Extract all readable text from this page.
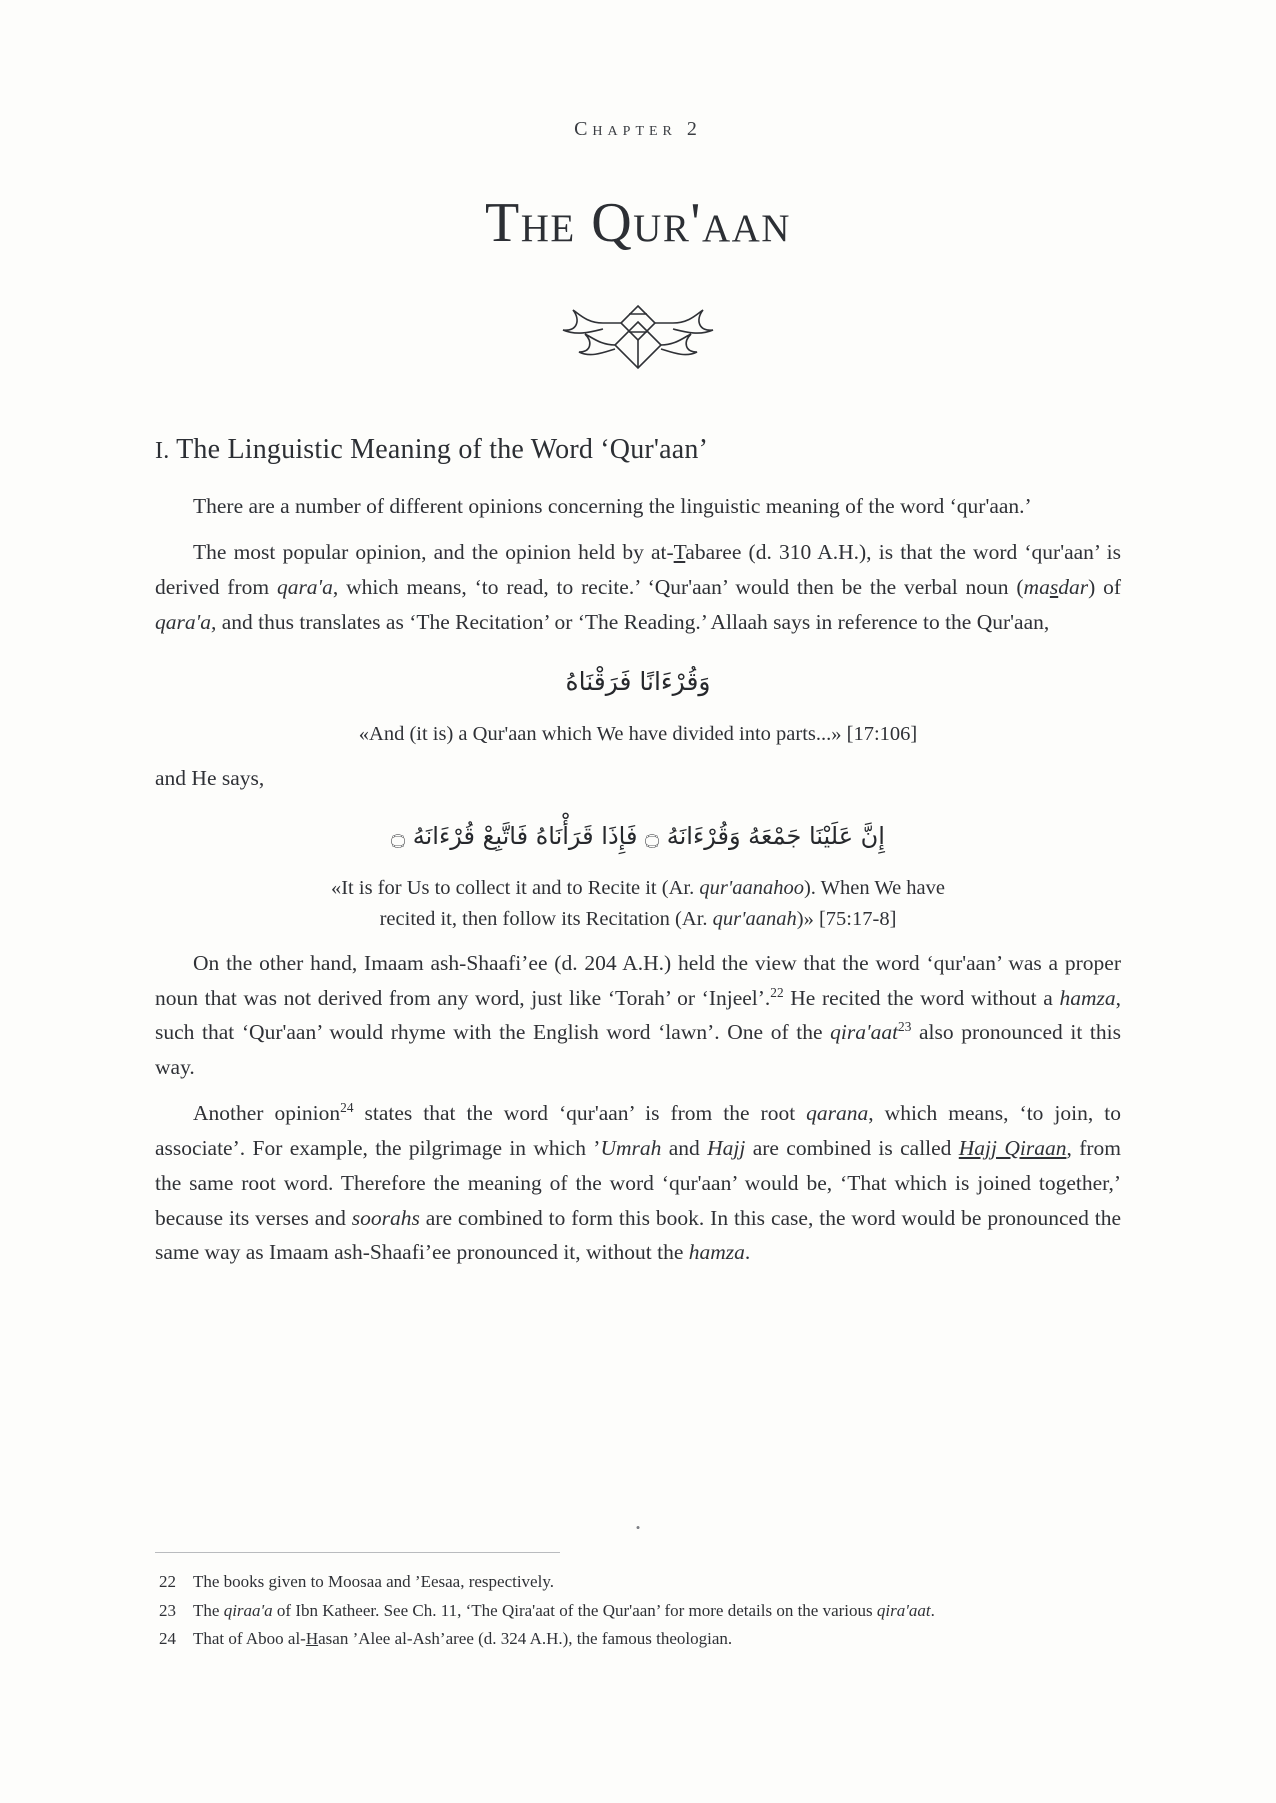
Chapter 2
The Qur'aan
I. The Linguistic Meaning of the Word ‘Qur'aan’

There are a number of different opinions concerning the linguistic meaning of the word ‘qur'aan.’

The most popular opinion, and the opinion held by at-Tabaree (d. 310 A.H.), is that the word ‘qur'aan’ is derived from qara'a, which means, ‘to read, to recite.’ ‘Qur'aan’ would then be the verbal noun (masdar) of qara'a, and thus translates as ‘The Recitation’ or ‘The Reading.’ Allaah says in reference to the Qur'aan,

وَقُرْءَانًا فَرَقْنَاهُ
«And (it is) a Qur'aan which We have divided into parts...» [17:106]

and He says,

إِنَّ عَلَيْنَا جَمْعَهُ وَقُرْءَانَهُ ۝ فَإِذَا قَرَأْنَاهُ فَاتَّبِعْ قُرْءَانَهُ ۝
«It is for Us to collect it and to Recite it (Ar. qur'aanahoo). When We have
recited it, then follow its Recitation (Ar. qur'aanah)» [75:17-8]

On the other hand, Imaam ash-Shaafi’ee (d. 204 A.H.) held the view that the word ‘qur'aan’ was a proper noun that was not derived from any word, just like ‘Torah’ or ‘Injeel’.$^{22}$ He recited the word without a hamza, such that ‘Qur'aan’ would rhyme with the English word ‘lawn’. One of the qira'aat$^{23}$ also pronounced it this way.

Another opinion$^{24}$ states that the word ‘qur'aan’ is from the root qarana, which means, ‘to join, to associate’. For example, the pilgrimage in which ’Umrah and Hajj are combined is called Hajj Qiraan, from the same root word. Therefore the meaning of the word ‘qur'aan’ would be, ‘That which is joined together,’ because its verses and soorahs are combined to form this book. In this case, the word would be pronounced the same way as Imaam ash-Shaafi’ee pronounced it, without the hamza.

•

22 The books given to Moosaa and ’Eesaa, respectively.

23 The qiraa'a of Ibn Katheer. See Ch. 11, ‘The Qira'aat of the Qur'aan’ for more details on the various qira'aat.

24 That of Aboo al-Hasan ’Alee al-Ash’aree (d. 324 A.H.), the famous theologian.
